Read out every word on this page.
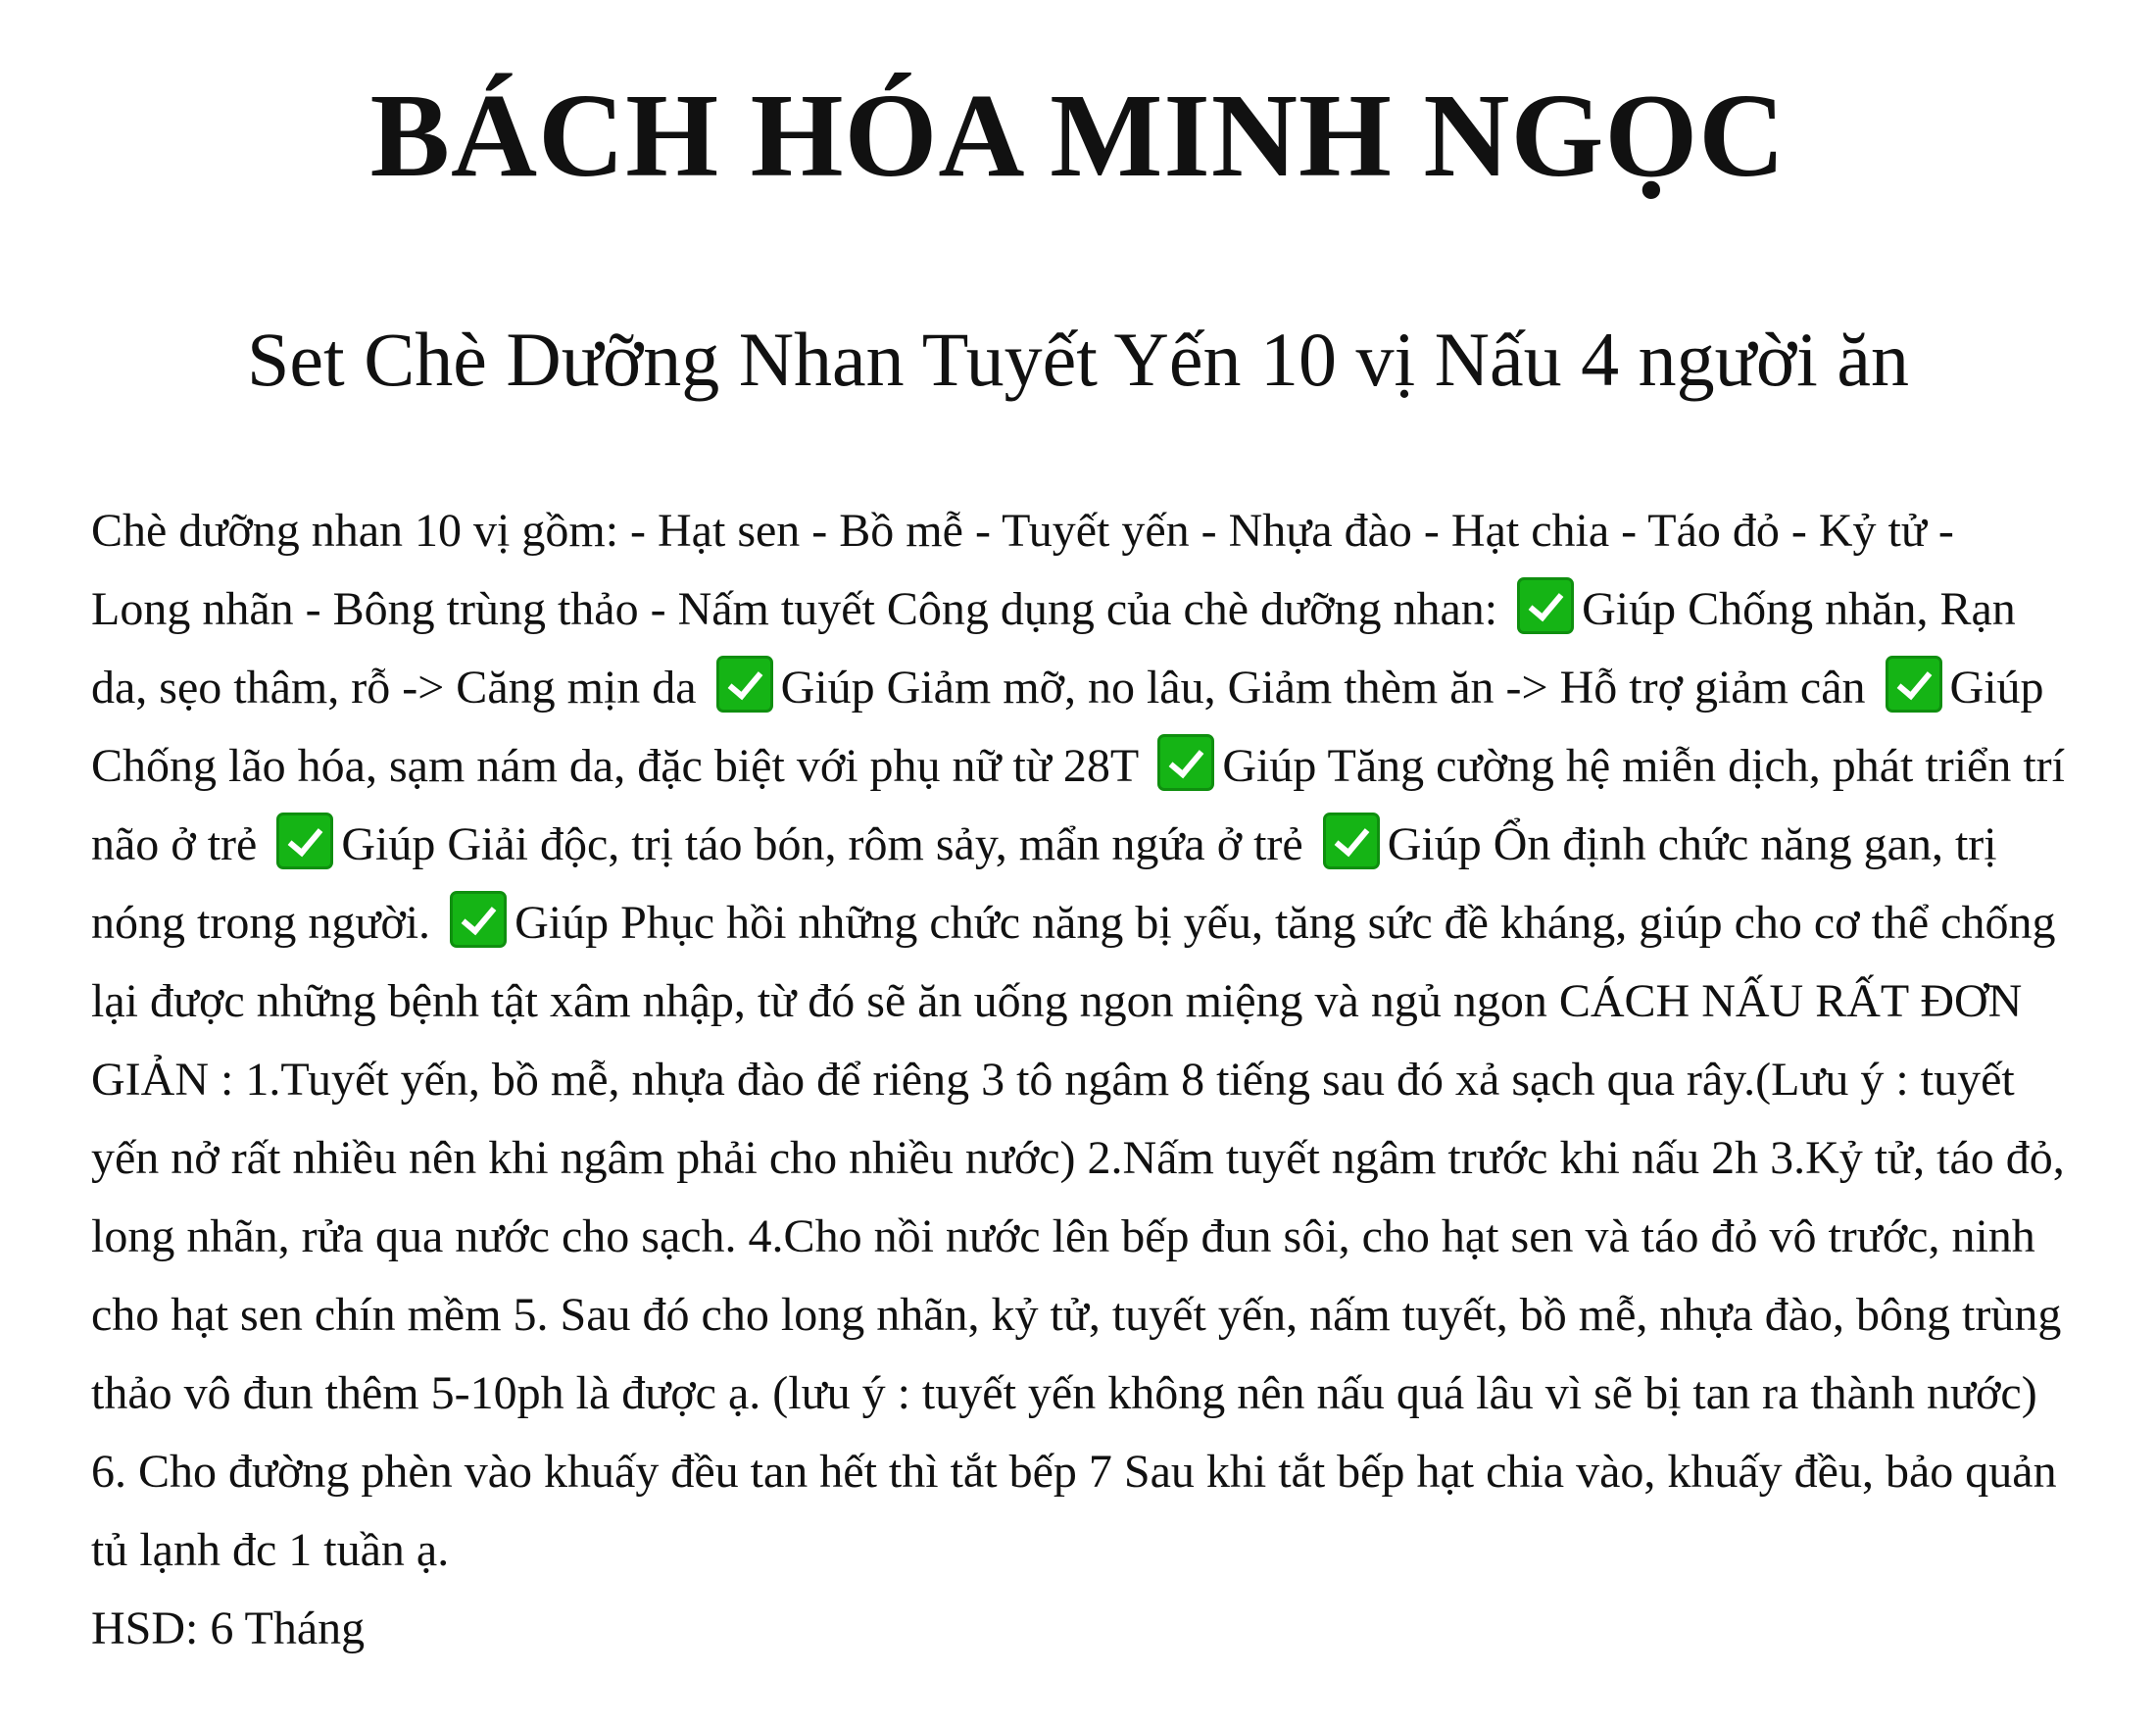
BÁCH HÓA MINH NGỌC
Set Chè Dưỡng Nhan Tuyết Yến 10 vị Nấu 4 người ăn

Chè dưỡng nhan 10 vị gồm: - Hạt sen - Bồ mễ - Tuyết yến - Nhựa đào - Hạt chia - Táo đỏ - Kỷ tử - Long nhãn - Bông trùng thảo - Nấm tuyết Công dụng của chè dưỡng nhan: Giúp Chống nhăn, Rạn da, sẹo thâm, rỗ -> Căng mịn da Giúp Giảm mỡ, no lâu, Giảm thèm ăn -> Hỗ trợ giảm cân Giúp Chống lão hóa, sạm nám da, đặc biệt với phụ nữ từ 28T Giúp Tăng cường hệ miễn dịch, phát triển trí não ở trẻ Giúp Giải độc, trị táo bón, rôm sảy, mẩn ngứa ở trẻ Giúp Ổn định chức năng gan, trị nóng trong người. Giúp Phục hồi những chức năng bị yếu, tăng sức đề kháng, giúp cho cơ thể chống lại được những bệnh tật xâm nhập, từ đó sẽ ăn uống ngon miệng và ngủ ngon CÁCH NẤU RẤT ĐƠN GIẢN : 1.Tuyết yến, bồ mễ, nhựa đào để riêng 3 tô ngâm 8 tiếng sau đó xả sạch qua rây.(Lưu ý : tuyết yến nở rất nhiều nên khi ngâm phải cho nhiều nước) 2.Nấm tuyết ngâm trước khi nấu 2h 3.Kỷ tử, táo đỏ, long nhãn, rửa qua nước cho sạch. 4.Cho nồi nước lên bếp đun sôi, cho hạt sen và táo đỏ vô trước, ninh cho hạt sen chín mềm 5. Sau đó cho long nhãn, kỷ tử, tuyết yến, nấm tuyết, bồ mễ, nhựa đào, bông trùng thảo vô đun thêm 5-10ph là được ạ. (lưu ý : tuyết yến không nên nấu quá lâu vì sẽ bị tan ra thành nước) 6. Cho đường phèn vào khuấy đều tan hết thì tắt bếp 7 Sau khi tắt bếp hạt chia vào, khuấy đều, bảo quản tủ lạnh đc 1 tuần ạ.

HSD: 6 Tháng
